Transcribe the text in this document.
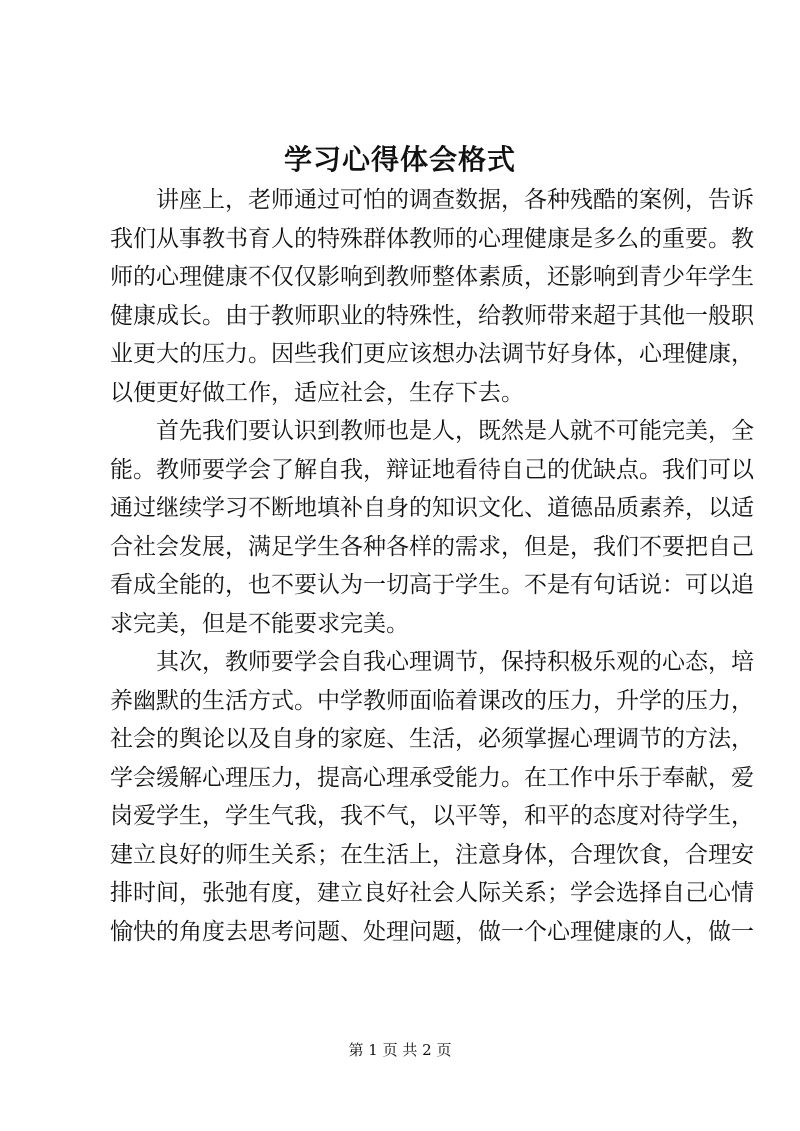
学习心得体会格式
讲座上，老师通过可怕的调查数据，各种残酷的案例，告诉
我们从事教书育人的特殊群体教师的心理健康是多么的重要。教
师的心理健康不仅仅影响到教师整体素质，还影响到青少年学生
健康成长。由于教师职业的特殊性，给教师带来超于其他一般职
业更大的压力。因些我们更应该想办法调节好身体，心理健康，
以便更好做工作，适应社会，生存下去。
首先我们要认识到教师也是人，既然是人就不可能完美，全
能。教师要学会了解自我，辩证地看待自己的优缺点。我们可以
通过继续学习不断地填补自身的知识文化、道德品质素养，以适
合社会发展，满足学生各种各样的需求，但是，我们不要把自己
看成全能的，也不要认为一切高于学生。不是有句话说：可以追
求完美，但是不能要求完美。
其次，教师要学会自我心理调节，保持积极乐观的心态，培
养幽默的生活方式。中学教师面临着课改的压力，升学的压力，
社会的舆论以及自身的家庭、生活，必须掌握心理调节的方法，
学会缓解心理压力，提高心理承受能力。在工作中乐于奉献，爱
岗爱学生，学生气我，我不气，以平等，和平的态度对待学生，
建立良好的师生关系；在生活上，注意身体，合理饮食，合理安
排时间，张弛有度，建立良好社会人际关系；学会选择自己心情
愉快的角度去思考问题、处理问题，做一个心理健康的人，做一
第 1 页 共 2 页
